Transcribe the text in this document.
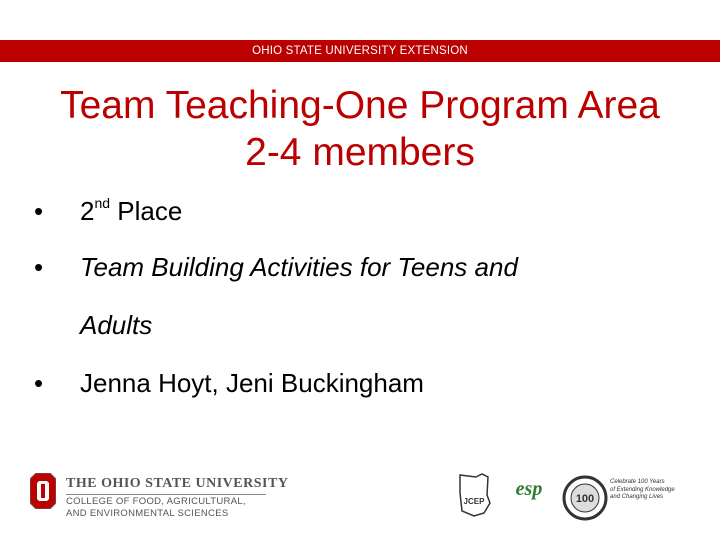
OHIO STATE UNIVERSITY EXTENSION
Team Teaching-One Program Area
2-4 members
• 2nd Place
• Team Building Activities for Teens and
Adults
• Jenna Hoyt, Jeni Buckingham
THE OHIO STATE UNIVERSITY
COLLEGE OF FOOD, AGRICULTURAL,
AND ENVIRONMENTAL SCIENCES
JCEP
esp	100
Celebrate 100 Years
of Extending Knowledge
and Changing Lives
